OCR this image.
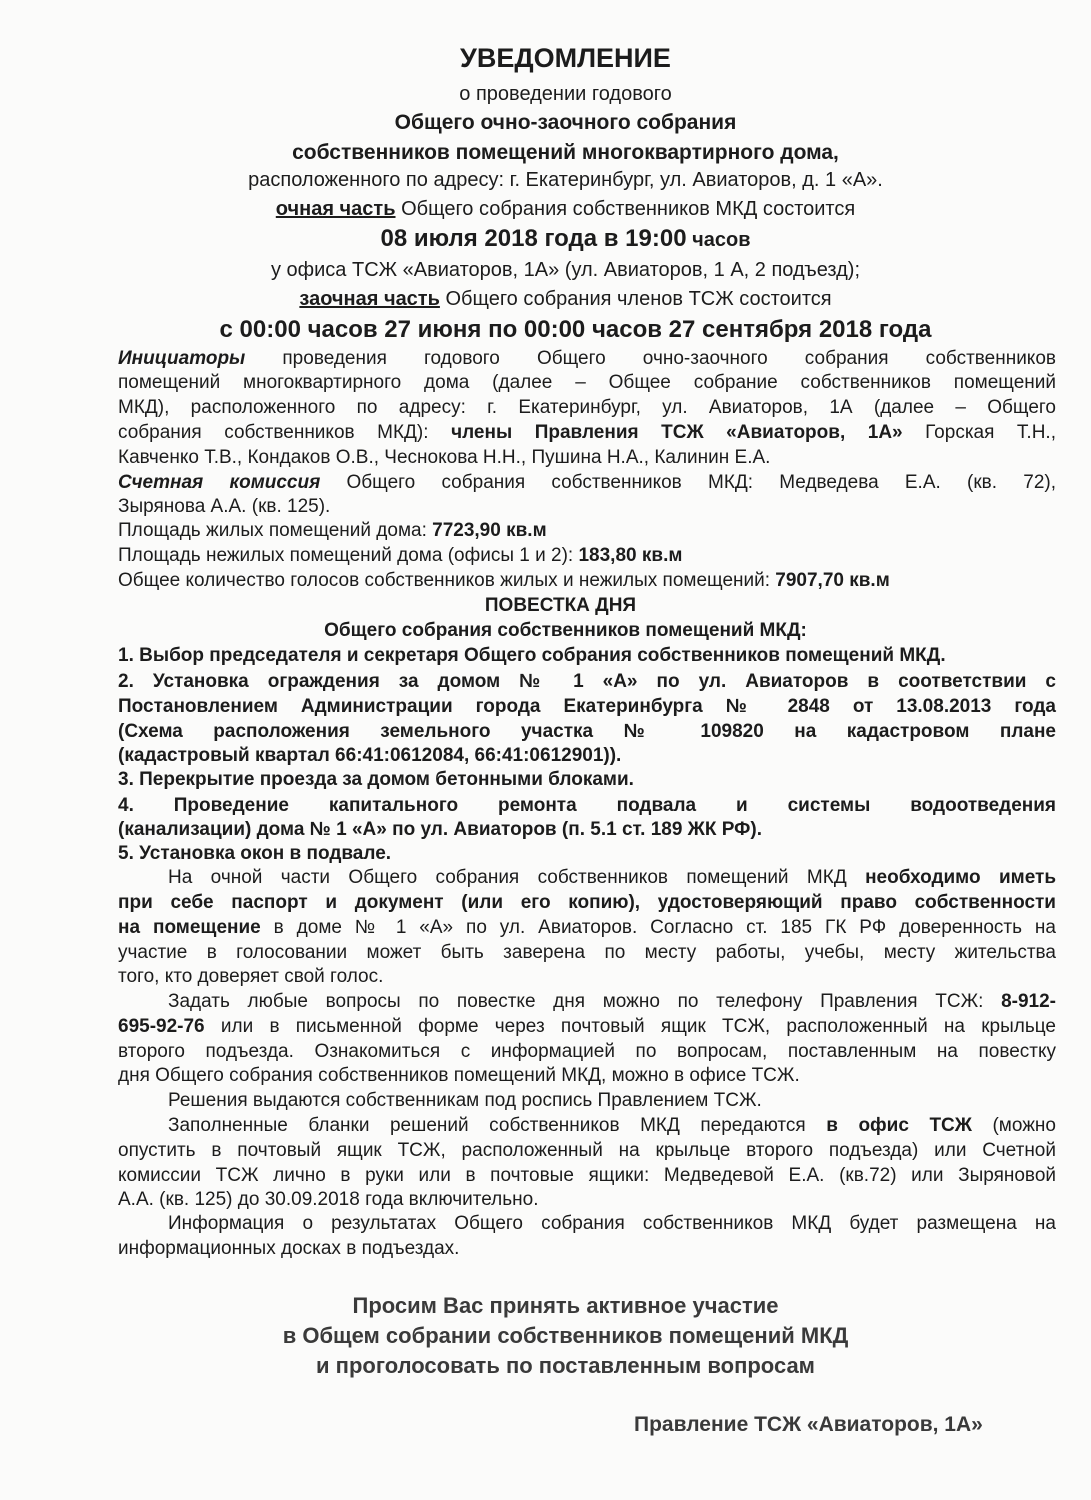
УВЕДОМЛЕНИЕ
о проведении годового
Общего очно-заочного собрания
собственников помещений многоквартирного дома,
расположенного по адресу: г. Екатеринбург, ул. Авиаторов, д. 1 «А».
очная часть Общего собрания собственников МКД состоится
08 июля 2018 года в 19:00 часов
у офиса ТСЖ «Авиаторов, 1А» (ул. Авиаторов, 1 А, 2 подъезд);
заочная часть Общего собрания членов ТСЖ состоится
с 00:00 часов 27 июня по 00:00 часов 27 сентября 2018 года
Инициаторы проведения годового Общего очно-заочного собрания собственников
помещений многоквартирного дома (далее – Общее собрание собственников помещений
МКД), расположенного по адресу: г. Екатеринбург, ул. Авиаторов, 1А (далее – Общего
собрания собственников МКД): члены Правления ТСЖ «Авиаторов, 1А» Горская Т.Н.,
Кавченко Т.В., Кондаков О.В., Чеснокова Н.Н., Пушина Н.А., Калинин Е.А.
Счетная комиссия Общего собрания собственников МКД: Медведева Е.А. (кв. 72),
Зырянова А.А. (кв. 125).
Площадь жилых помещений дома: 7723,90 кв.м
Площадь нежилых помещений дома (офисы 1 и 2): 183,80 кв.м
Общее количество голосов собственников жилых и нежилых помещений: 7907,70 кв.м
ПОВЕСТКА ДНЯ
Общего собрания собственников помещений МКД:
1. Выбор председателя и секретаря Общего собрания собственников помещений МКД.
2. Установка ограждения за домом № 1 «А» по ул. Авиаторов в соответствии с
Постановлением Администрации города Екатеринбурга № 2848 от 13.08.2013 года
(Схема расположения земельного участка № 109820 на кадастровом плане
(кадастровый квартал 66:41:0612084, 66:41:0612901)).
3. Перекрытие проезда за домом бетонными блоками.
4. Проведение капитального ремонта подвала и системы водоотведения
(канализации) дома № 1 «А» по ул. Авиаторов (п. 5.1 ст. 189 ЖК РФ).
5. Установка окон в подвале.
На очной части Общего собрания собственников помещений МКД необходимо иметь
при себе паспорт и документ (или его копию), удостоверяющий право собственности
на помещение в доме № 1 «А» по ул. Авиаторов. Согласно ст. 185 ГК РФ доверенность на
участие в голосовании может быть заверена по месту работы, учебы, месту жительства
того, кто доверяет свой голос.
Задать любые вопросы по повестке дня можно по телефону Правления ТСЖ: 8-912-
695-92-76 или в письменной форме через почтовый ящик ТСЖ, расположенный на крыльце
второго подъезда. Ознакомиться с информацией по вопросам, поставленным на повестку
дня Общего собрания собственников помещений МКД, можно в офисе ТСЖ.
Решения выдаются собственникам под роспись Правлением ТСЖ.
Заполненные бланки решений собственников МКД передаются в офис ТСЖ (можно
опустить в почтовый ящик ТСЖ, расположенный на крыльце второго подъезда) или Счетной
комиссии ТСЖ лично в руки или в почтовые ящики: Медведевой Е.А. (кв.72) или Зыряновой
А.А. (кв. 125) до 30.09.2018 года включительно.
Информация о результатах Общего собрания собственников МКД будет размещена на
информационных досках в подъездах.
Просим Вас принять активное участие
в Общем собрании собственников помещений МКД
и проголосовать по поставленным вопросам
Правление ТСЖ «Авиаторов, 1А»
